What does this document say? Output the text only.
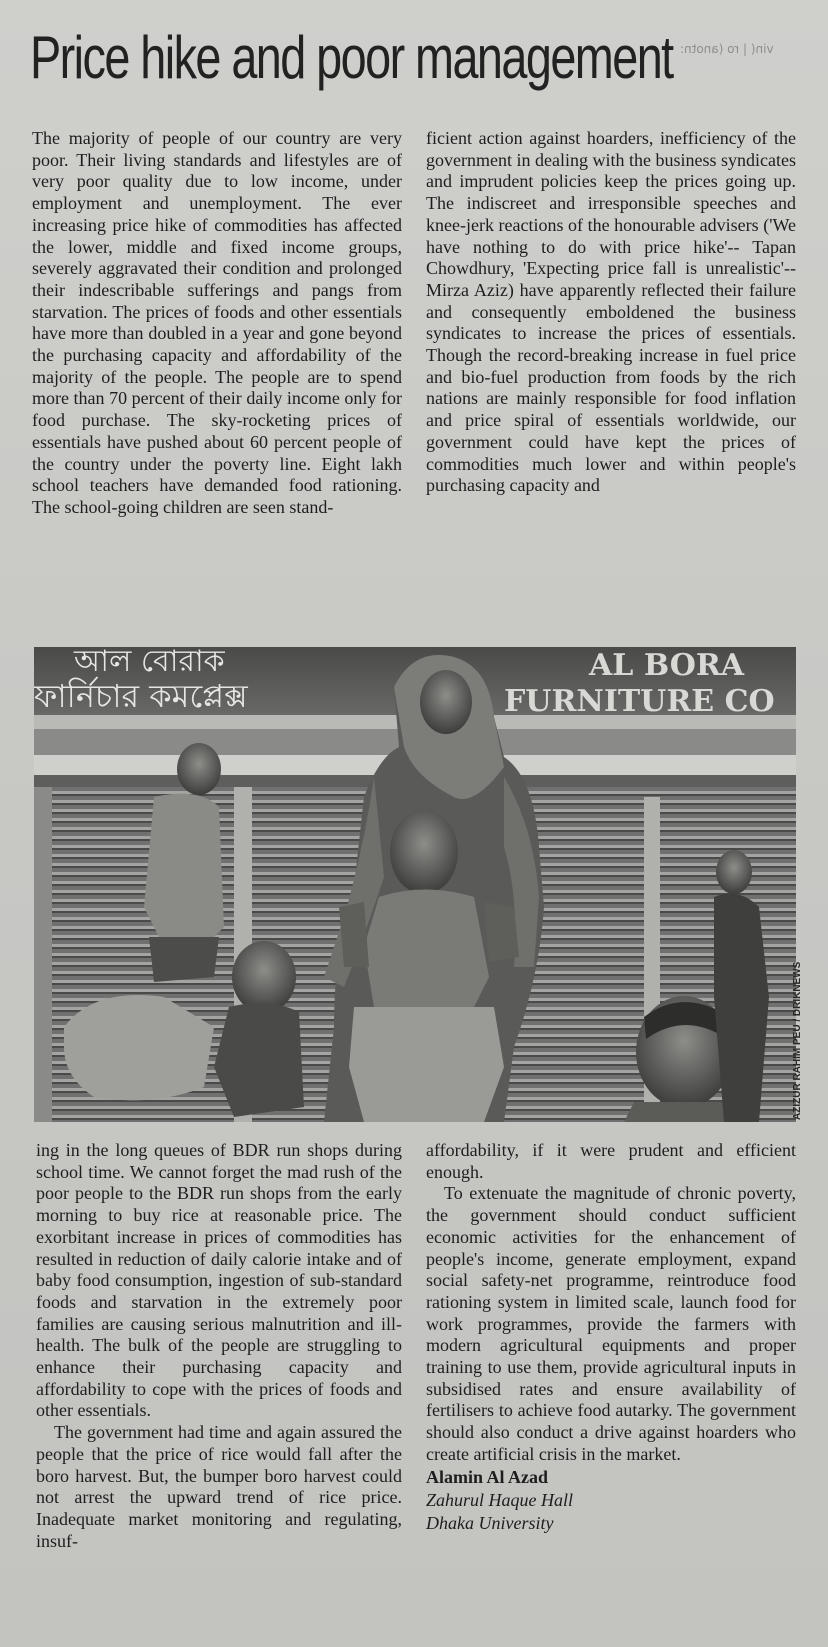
Price hike and poor management vin( | ro (anotn:

The majority of people of our country are very poor. Their living standards and lifestyles are of very poor quality due to low income, under employment and unemployment. The ever increasing price hike of commodities has affected the lower, middle and fixed income groups, severely aggravated their condition and prolonged their indescribable sufferings and pangs from starvation. The prices of foods and other essentials have more than doubled in a year and gone beyond the purchasing capacity and affordability of the majority of the people. The people are to spend more than 70 percent of their daily income only for food purchase. The sky-rocketing prices of essentials have pushed about 60 percent people of the country under the poverty line. Eight lakh school teachers have demanded food rationing. The school-going children are seen stand-

ficient action against hoarders, inefficiency of the government in dealing with the business syndicates and imprudent policies keep the prices going up. The indiscreet and irresponsible speeches and knee-jerk reactions of the honourable advisers ('We have nothing to do with price hike'-- Tapan Chowdhury, 'Expecting price fall is unrealistic'-- Mirza Aziz) have apparently reflected their failure and consequently emboldened the business syndicates to increase the prices of essentials. Though the record-breaking increase in fuel price and bio-fuel production from foods by the rich nations are mainly responsible for food inflation and price spiral of essentials worldwide, our government could have kept the prices of commodities much lower and within people's purchasing capacity and

আল বোরাক
ফার্নিচার কমপ্লেক্স
AL BORA
FURNITURE CO
AZIZUR RAHIM PEU / DRIKNEWS

ing in the long queues of BDR run shops during school time. We cannot forget the mad rush of the poor people to the BDR run shops from the early morning to buy rice at reasonable price. The exorbitant increase in prices of commodities has resulted in reduction of daily calorie intake and of baby food consumption, ingestion of sub-standard foods and starvation in the extremely poor families are causing serious malnutrition and ill-health. The bulk of the people are struggling to enhance their purchasing capacity and affordability to cope with the prices of foods and other essentials.

The government had time and again assured the people that the price of rice would fall after the boro harvest. But, the bumper boro harvest could not arrest the upward trend of rice price. Inadequate market monitoring and regulating, insuf-

affordability, if it were prudent and efficient enough.

To extenuate the magnitude of chronic poverty, the government should conduct sufficient economic activities for the enhancement of people's income, generate employment, expand social safety-net programme, reintroduce food rationing system in limited scale, launch food for work programmes, provide the farmers with modern agricultural equipments and proper training to use them, provide agricultural inputs in subsidised rates and ensure availability of fertilisers to achieve food autarky. The government should also conduct a drive against hoarders who create artificial crisis in the market.

Alamin Al Azad
Zahurul Haque Hall
Dhaka University
